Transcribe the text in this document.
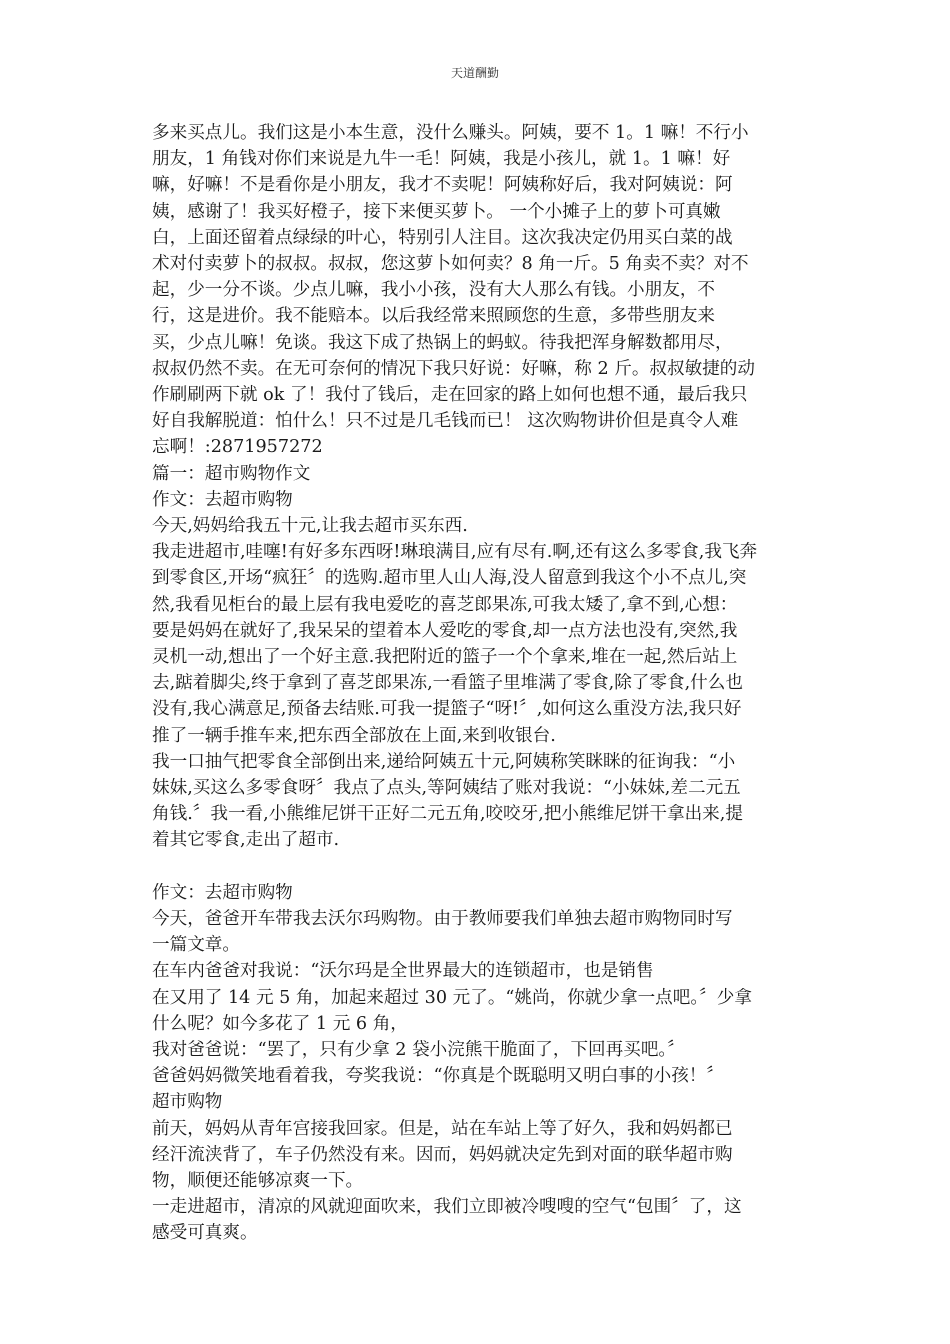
天道酬勤
多来买点儿。我们这是小本生意，没什么赚头。阿姨，要不 1。1 嘛！不行小
朋友，1 角钱对你们来说是九牛一毛！阿姨，我是小孩儿，就 1。1 嘛！好
嘛，好嘛！不是看你是小朋友，我才不卖呢！阿姨称好后，我对阿姨说：阿
姨，感谢了！我买好橙子，接下来便买萝卜。 一个小摊子上的萝卜可真嫩
白，上面还留着点绿绿的叶心，特别引人注目。这次我决定仍用买白菜的战
术对付卖萝卜的叔叔。叔叔，您这萝卜如何卖？8 角一斤。5 角卖不卖？对不
起，少一分不谈。少点儿嘛，我小小孩，没有大人那么有钱。小朋友，不
行，这是进价。我不能赔本。以后我经常来照顾您的生意，多带些朋友来
买，少点儿嘛！免谈。我这下成了热锅上的蚂蚁。待我把浑身解数都用尽，
叔叔仍然不卖。在无可奈何的情况下我只好说：好嘛，称 2 斤。叔叔敏捷的动
作刷刷两下就 ok 了！我付了钱后，走在回家的路上如何也想不通，最后我只
好自我解脱道：怕什么！只不过是几毛钱而已！ 这次购物讲价但是真令人难
忘啊！:2871957272
篇一：超市购物作文
作文：去超市购物
今天,妈妈给我五十元,让我去超市买东西.
我走进超市,哇噻!有好多东西呀!琳琅满目,应有尽有.啊,还有这么多零食,我飞奔
到零食区,开场“疯狂〞的选购.超市里人山人海,没人留意到我这个小不点儿,突
然,我看见柜台的最上层有我电爱吃的喜芝郎果冻,可我太矮了,拿不到,心想：
要是妈妈在就好了,我呆呆的望着本人爱吃的零食,却一点方法也没有,突然,我
灵机一动,想出了一个好主意.我把附近的篮子一个个拿来,堆在一起,然后站上
去,踮着脚尖,终于拿到了喜芝郎果冻,一看篮子里堆满了零食,除了零食,什么也
没有,我心满意足,预备去结账.可我一提篮子“呀!〞,如何这么重没方法,我只好
推了一辆手推车来,把东西全部放在上面,来到收银台.
我一口抽气把零食全部倒出来,递给阿姨五十元,阿姨称笑眯眯的征询我：“小
妹妹,买这么多零食呀〞我点了点头,等阿姨结了账对我说：“小妹妹,差二元五
角钱.〞我一看,小熊维尼饼干正好二元五角,咬咬牙,把小熊维尼饼干拿出来,提
着其它零食,走出了超市.
作文：去超市购物
今天，爸爸开车带我去沃尔玛购物。由于教师要我们单独去超市购物同时写
一篇文章。
在车内爸爸对我说：“沃尔玛是全世界最大的连锁超市，也是销售
在又用了 14 元 5 角，加起来超过 30 元了。“姚尚，你就少拿一点吧。〞少拿
什么呢？如今多花了 1 元 6 角，
我对爸爸说：“罢了，只有少拿 2 袋小浣熊干脆面了，下回再买吧。〞
爸爸妈妈微笑地看着我，夸奖我说：“你真是个既聪明又明白事的小孩！〞
超市购物
前天，妈妈从青年宫接我回家。但是，站在车站上等了好久，我和妈妈都已
经汗流浃背了，车子仍然没有来。因而，妈妈就决定先到对面的联华超市购
物，顺便还能够凉爽一下。
一走进超市，清凉的风就迎面吹来，我们立即被冷嗖嗖的空气“包围〞了，这
感受可真爽。
